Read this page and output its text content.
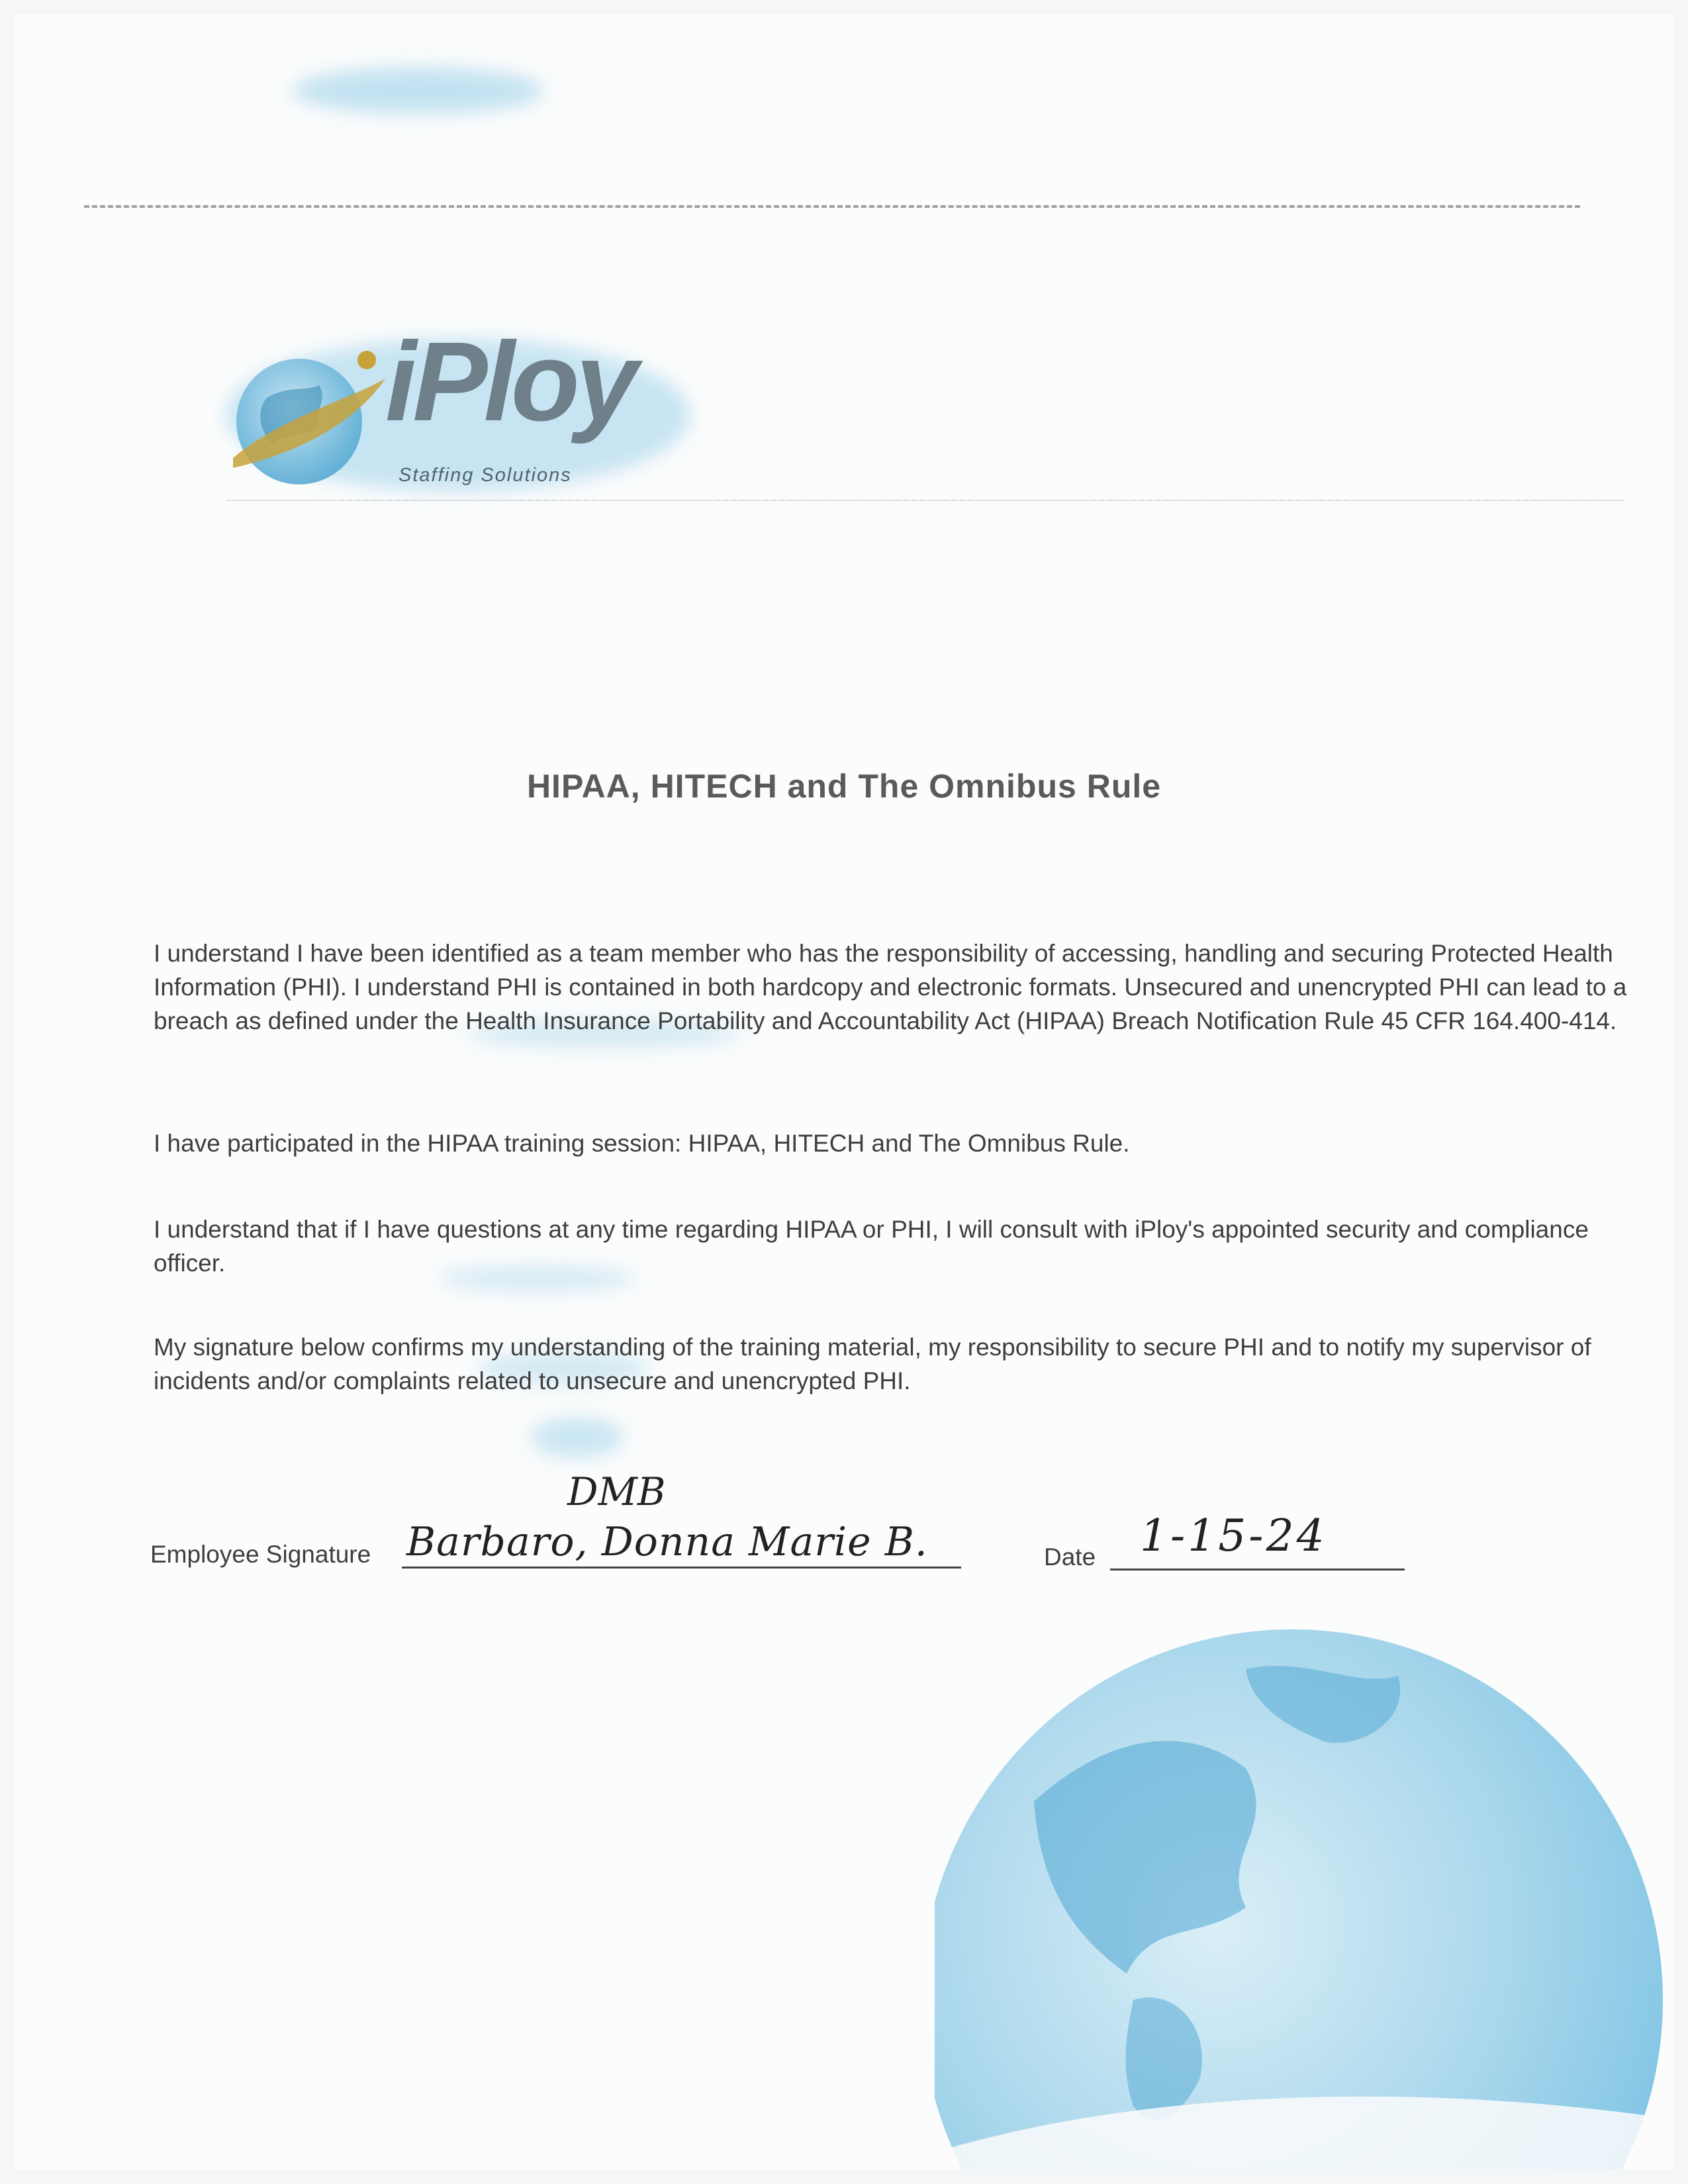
iPloy
Staffing Solutions
HIPAA, HITECH and The Omnibus Rule
I understand I have been identified as a team member who has the responsibility of accessing, handling and securing Protected Health Information (PHI). I understand PHI is contained in both hardcopy and electronic formats. Unsecured and unencrypted PHI can lead to a breach as defined under the Health Insurance Portability and Accountability Act (HIPAA) Breach Notification Rule 45 CFR 164.400-414.
I have participated in the HIPAA training session: HIPAA, HITECH and The Omnibus Rule.
I understand that if I have questions at any time regarding HIPAA or PHI, I will consult with iPloy's appointed security and compliance officer.
My signature below confirms my understanding of the training material, my responsibility to secure PHI and to notify my supervisor of incidents and/or complaints related to unsecure and unencrypted PHI.
DMB
Employee Signature Barbaro, Donna Marie B.	Date 1-15-24
